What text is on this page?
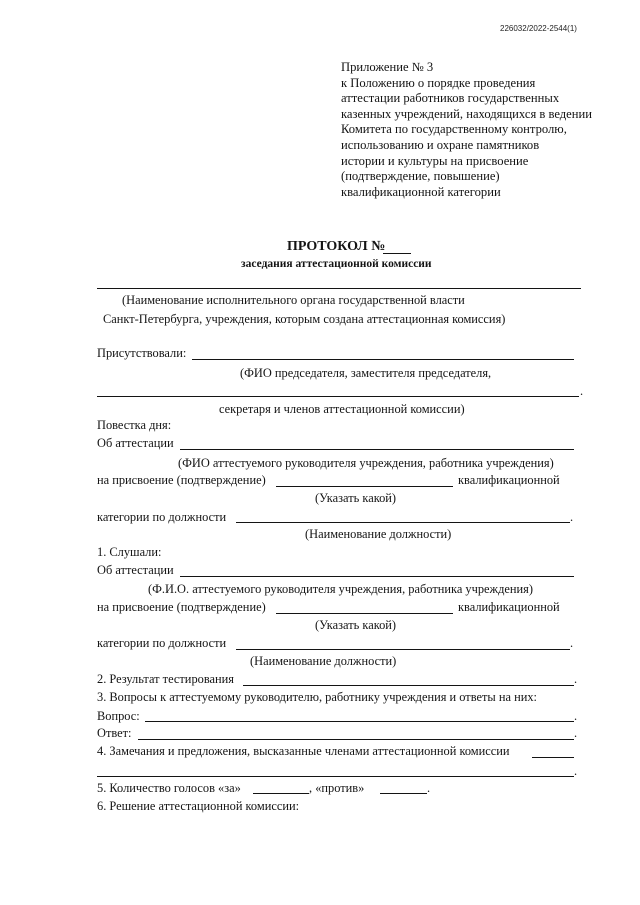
226032/2022-2544(1)
Приложение № 3
к Положению о порядке проведения
аттестации работников государственных
казенных учреждений, находящихся в ведении
Комитета по государственному контролю,
использованию и охране памятников
истории и культуры на присвоение
(подтверждение, повышение)
квалификационной категории
ПРОТОКОЛ №
заседания аттестационной комиссии
(Наименование исполнительного органа государственной власти
Санкт-Петербурга, учреждения, которым создана аттестационная комиссия)
Присутствовали:
(ФИО председателя, заместителя председателя,
.
секретаря и членов аттестационной комиссии)
Повестка дня:
Об аттестации
(ФИО аттестуемого руководителя учреждения, работника учреждения)
на присвоение (подтверждение)	квалификационной
(Указать какой)
категории по должности	.
(Наименование должности)
1. Слушали:
Об аттестации
(Ф.И.О. аттестуемого руководителя учреждения, работника учреждения)
на присвоение (подтверждение)	квалификационной
(Указать какой)
категории по должности	.
(Наименование должности)
2. Результат тестирования	.
3. Вопросы к аттестуемому руководителю, работнику учреждения и ответы на них:
Вопрос:	.
Ответ:	.
4. Замечания и предложения, высказанные членами аттестационной комиссии
.
5. Количество голосов «за»	, «против»	.
6. Решение аттестационной комиссии:
